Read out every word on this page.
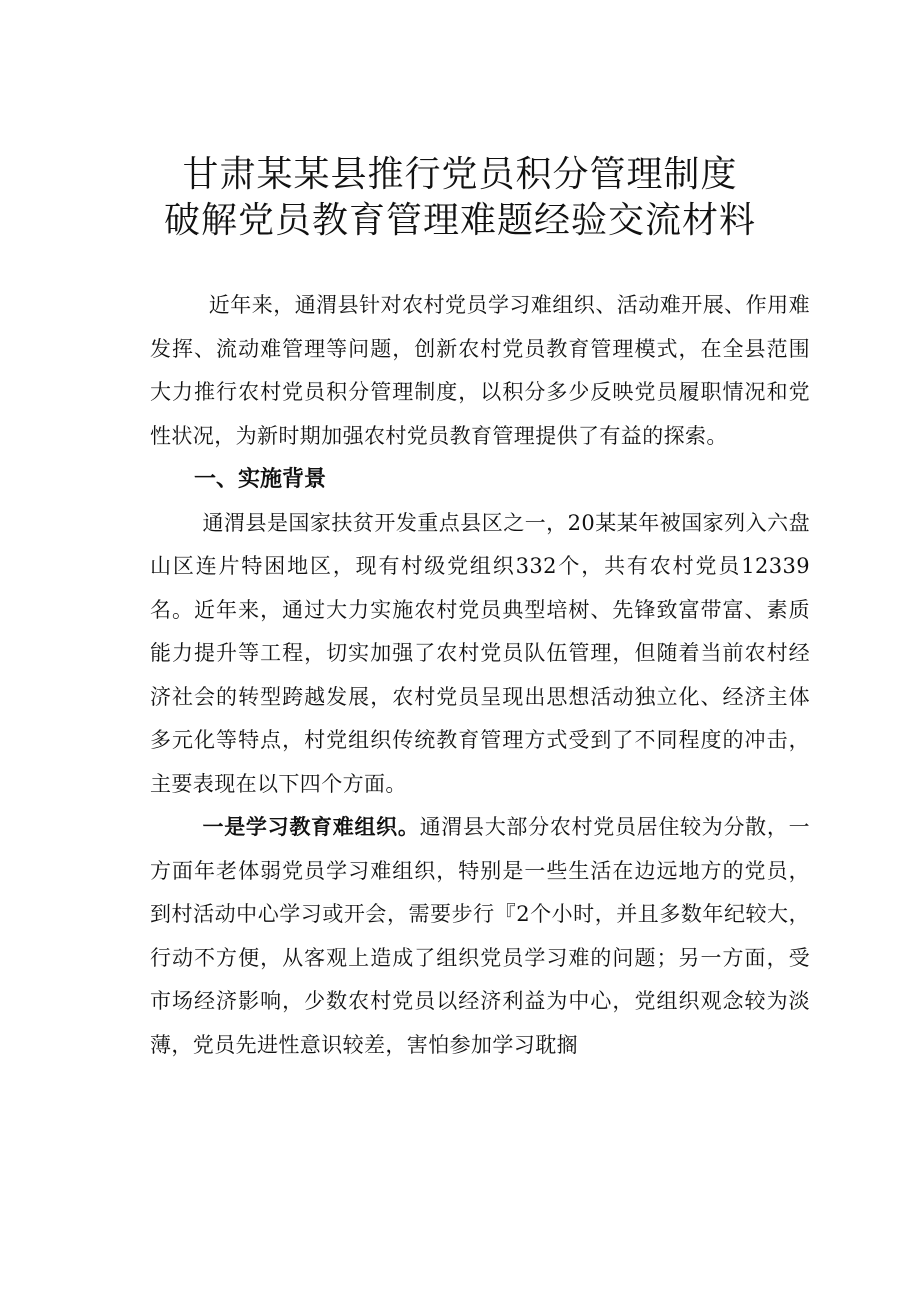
甘肃某某县推行党员积分管理制度

破解党员教育管理难题经验交流材料

近年来，通渭县针对农村党员学习难组织、活动难开展、作用难发挥、流动难管理等问题，创新农村党员教育管理模式，在全县范围大力推行农村党员积分管理制度，以积分多少反映党员履职情况和党性状况，为新时期加强农村党员教育管理提供了有益的探索。

一、实施背景

通渭县是国家扶贫开发重点县区之一，20某某年被国家列入六盘山区连片特困地区，现有村级党组织332个，共有农村党员12339名。近年来，通过大力实施农村党员典型培树、先锋致富带富、素质能力提升等工程，切实加强了农村党员队伍管理，但随着当前农村经济社会的转型跨越发展，农村党员呈现出思想活动独立化、经济主体多元化等特点，村党组织传统教育管理方式受到了不同程度的冲击，主要表现在以下四个方面。

一是学习教育难组织。通渭县大部分农村党员居住较为分散，一方面年老体弱党员学习难组织，特别是一些生活在边远地方的党员，到村活动中心学习或开会，需要步行『2个小时，并且多数年纪较大，行动不方便，从客观上造成了组织党员学习难的问题；另一方面，受市场经济影响，少数农村党员以经济利益为中心，党组织观念较为淡薄，党员先进性意识较差，害怕参加学习耽搁
